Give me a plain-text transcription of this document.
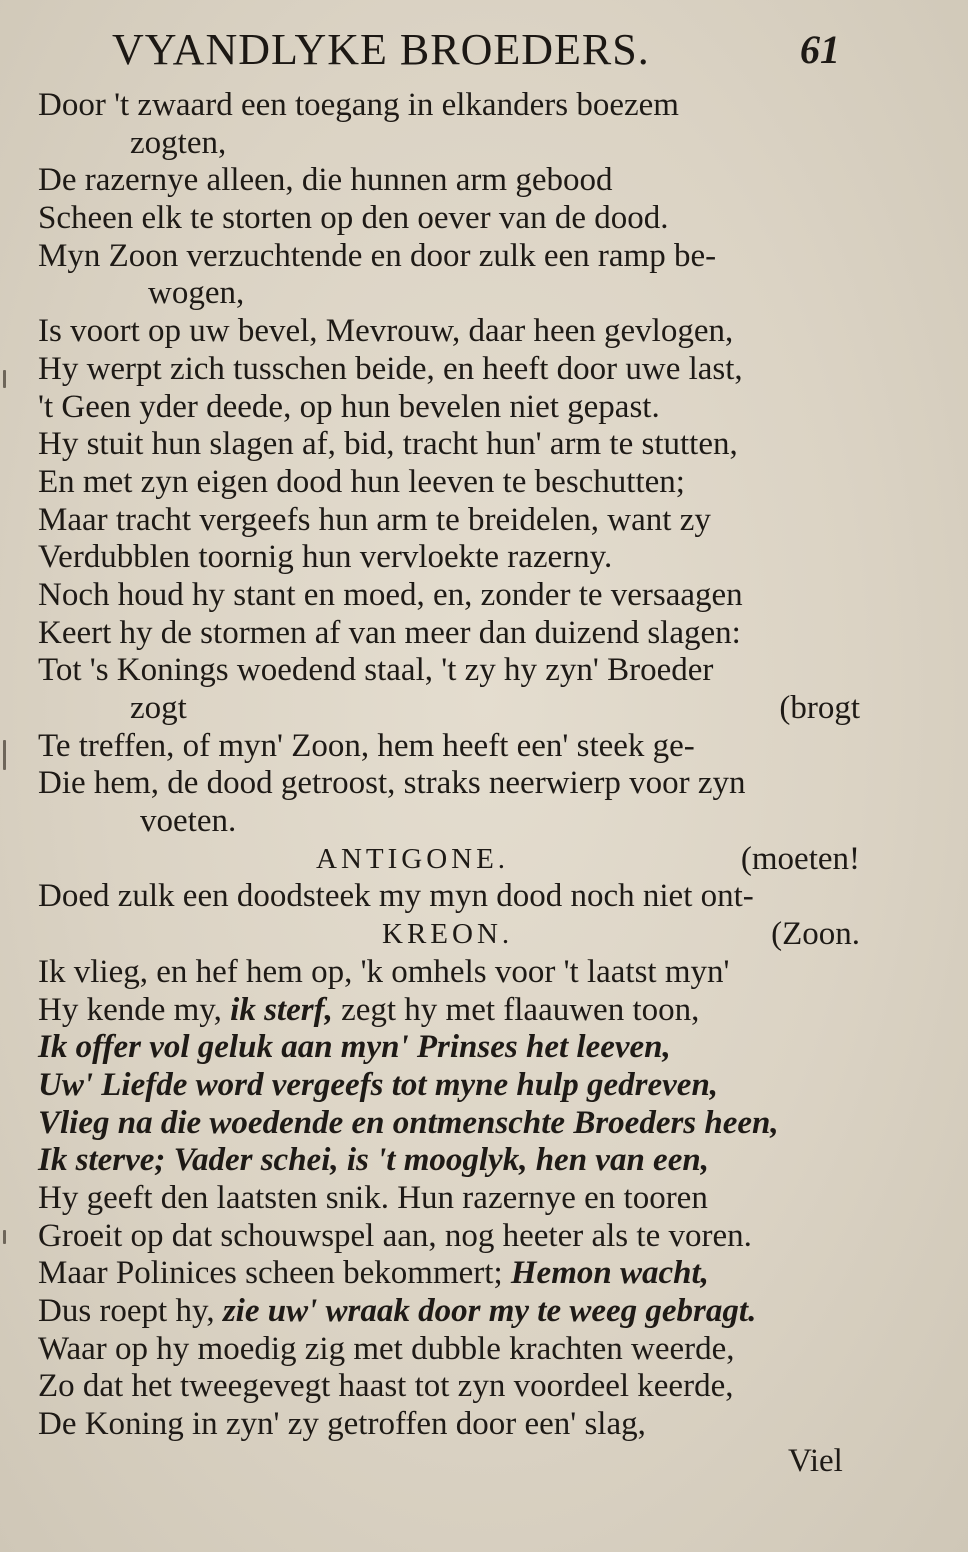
VYANDLYKE BROEDERS.	61
Door 't zwaard een toegang in elkanders boezem
zogten,
De razernye alleen, die hunnen arm gebood
Scheen elk te storten op den oever van de dood.
Myn Zoon verzuchtende en door zulk een ramp be-
wogen,
Is voort op uw bevel, Mevrouw, daar heen gevlogen,
Hy werpt zich tusschen beide, en heeft door uwe last,
't Geen yder deede, op hun bevelen niet gepast.
Hy stuit hun slagen af, bid, tracht hun' arm te stutten,
En met zyn eigen dood hun leeven te beschutten;
Maar tracht vergeefs hun arm te breidelen, want zy
Verdubblen toornig hun vervloekte razerny.
Noch houd hy stant en moed, en, zonder te versaagen
Keert hy de stormen af van meer dan duizend slagen:
Tot 's Konings woedend staal, 't zy hy zyn' Broeder
zogt	(brogt
Te treffen, of myn' Zoon, hem heeft een' steek ge-
Die hem, de dood getroost, straks neerwierp voor zyn
voeten.
ANTIGONE.	(moeten!
Doed zulk een doodsteek my myn dood noch niet ont-
KREON.	(Zoon.
Ik vlieg, en hef hem op, 'k omhels voor 't laatst myn'
Hy kende my, ik sterf, zegt hy met flaauwen toon,
Ik offer vol geluk aan myn' Prinses het leeven,
Uw' Liefde word vergeefs tot myne hulp gedreven,
Vlieg na die woedende en ontmenschte Broeders heen,
Ik sterve; Vader schei, is 't mooglyk, hen van een,
Hy geeft den laatsten snik. Hun razernye en tooren
Groeit op dat schouwspel aan, nog heeter als te voren.
Maar Polinices scheen bekommert; Hemon wacht,
Dus roept hy, zie uw' wraak door my te weeg gebragt.
Waar op hy moedig zig met dubble krachten weerde,
Zo dat het tweegevegt haast tot zyn voordeel keerde,
De Koning in zyn' zy getroffen door een' slag,
Viel
